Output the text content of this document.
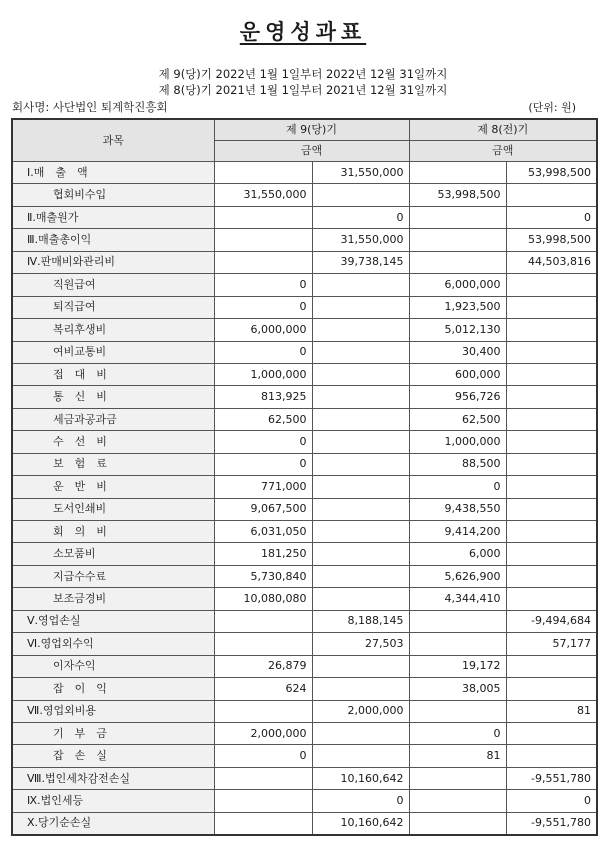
운영성과표
제 9(당)기 2022년 1월 1일부터 2022년 12월 31일까지
제 8(당)기 2021년 1월 1일부터 2021년 12월 31일까지
회사명: 사단법인 퇴계학진흥회	(단위: 원)
과목	제 9(당)기		제 8(전)기	
	금액		금액	
Ⅰ.매　출　액		31,550,000		53,998,500
협회비수입	31,550,000		53,998,500	
Ⅱ.매출원가		0		0
Ⅲ.매출총이익		31,550,000		53,998,500
Ⅳ.판매비와관리비		39,738,145		44,503,816
직원급여	0		6,000,000	
퇴직급여	0		1,923,500	
복리후생비	6,000,000		5,012,130	
여비교통비	0		30,400	
접　대　비	1,000,000		600,000	
통　신　비	813,925		956,726	
세금과공과금	62,500		62,500	
수　선　비	0		1,000,000	
보　험　료	0		88,500	
운　반　비	771,000		0	
도서인쇄비	9,067,500		9,438,550	
회　의　비	6,031,050		9,414,200	
소모품비	181,250		6,000	
지급수수료	5,730,840		5,626,900	
보조금경비	10,080,080		4,344,410	
Ⅴ.영업손실		8,188,145		-9,494,684
Ⅵ.영업외수익		27,503		57,177
이자수익	26,879		19,172	
잡　이　익	624		38,005	
Ⅶ.영업외비용		2,000,000		81
기　부　금	2,000,000		0	
잡　손　실	0		81	
Ⅷ.법인세차감전손실		10,160,642		-9,551,780
Ⅸ.법인세등		0		0
Ⅹ.당기순손실		10,160,642		-9,551,780
